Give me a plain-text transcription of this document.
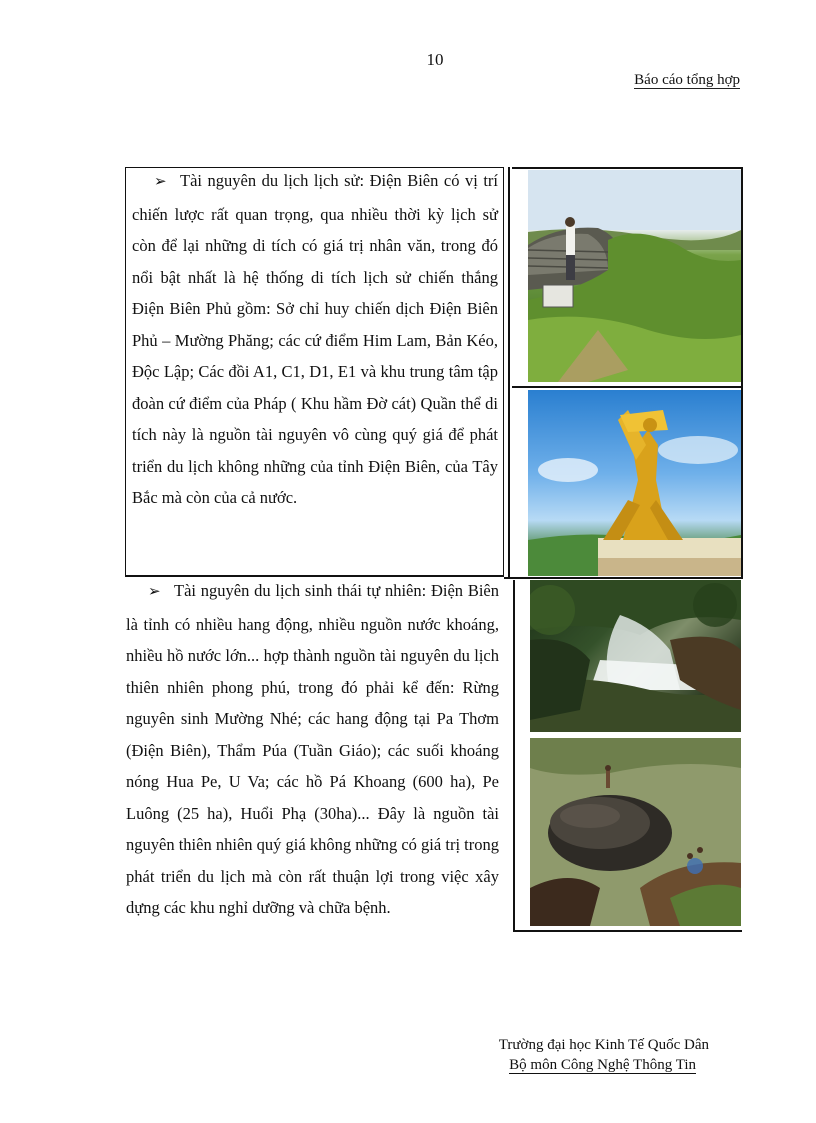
10
Báo cáo tổng hợp
➢ Tài nguyên du lịch lịch sử: Điện Biên có vị trí chiến lược rất quan trọng, qua nhiều thời kỳ lịch sử còn để lại những di tích có giá trị nhân văn, trong đó nổi bật nhất là hệ thống di tích lịch sử chiến thắng Điện Biên Phủ gồm: Sở chỉ huy chiến dịch Điện Biên Phủ – Mường Phăng; các cứ điểm Him Lam, Bản Kéo, Độc Lập; Các đồi A1, C1, D1, E1 và khu trung tâm tập đoàn cứ điểm của Pháp ( Khu hầm Đờ cát) Quần thể di tích này là nguồn tài nguyên vô cùng quý giá để phát triển du lịch không những của tỉnh Điện Biên, của Tây Bắc mà còn của cả nước.
➢ Tài nguyên du lịch sinh thái tự nhiên: Điện Biên là tỉnh có nhiều hang động, nhiều nguồn nước khoáng, nhiều hồ nước lớn... hợp thành nguồn tài nguyên du lịch thiên nhiên phong phú, trong đó phải kể đến: Rừng nguyên sinh Mường Nhé; các hang động tại Pa Thơm (Điện Biên), Thẩm Púa (Tuần Giáo); các suối khoáng nóng Hua Pe, U Va; các hồ Pá Khoang (600 ha), Pe Luông (25 ha), Huổi Phạ (30ha)... Đây là nguồn tài nguyên thiên nhiên quý giá không những có giá trị trong phát triển du lịch mà còn rất thuận lợi trong việc xây dựng các khu nghỉ dưỡng và chữa bệnh.
Trường đại học Kinh Tế Quốc Dân
Bộ môn Công Nghệ Thông Tin
